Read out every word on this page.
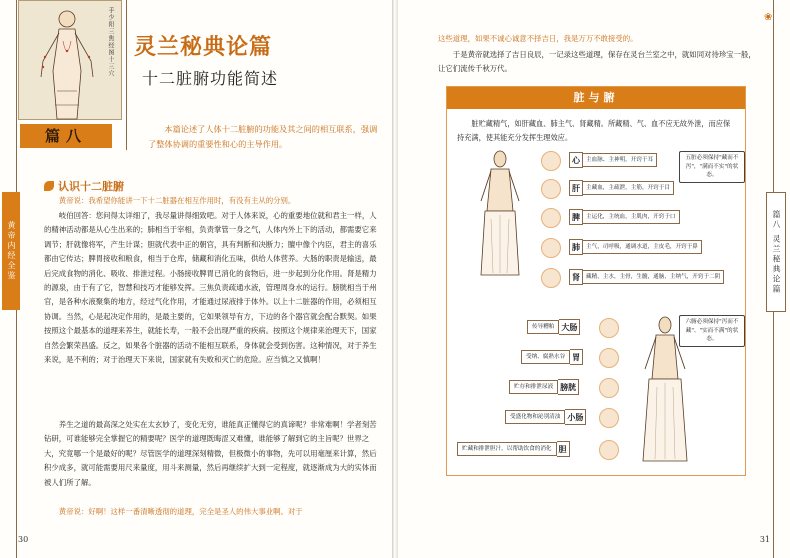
手少阳三焦经图十三穴
篇八
灵兰秘典论篇
十二脏腑功能简述
本篇论述了人体十二脏腑的功能及其之间的相互联系，强调了整体协调的重要性和心的主导作用。
认识十二脏腑

黄帝说：我希望你能讲一下十二脏器在相互作用时，有没有主从的分别。

岐伯回答：您问得太详细了，我尽量讲得细致吧。对于人体来说，心的重要地位就和君主一样，人的精神活动都是从心生出来的；肺相当于宰相，负责掌管一身之气，人体内外上下的活动，都需要它来调节；肝就像将军，产生计谋；胆就代表中正的朝官，具有判断和决断力；膻中像个内臣，君主的喜乐都由它传达；脾胃接收和粮食，相当于仓库，储藏和消化五味，供给人体营养。大肠的职责是输送，最后完成食物的消化、吸收、排泄过程。小肠接收脾胃已消化的食物后，进一步起到分化作用。肾是精力的源泉，由于有了它，智慧和技巧才能够发挥。三焦负责疏通水液，管理周身水的运行。膀胱相当于州官，是各种水液聚集的地方，经过气化作用，才能通过尿液排于体外。以上十二脏器的作用，必须相互协调。当然，心是起决定作用的，是最主要的，它如果领导有方，下边的各个器官就会配合默契。如果按照这个最基本的道理来养生，就能长寿，一般不会出现严重的疾病。按照这个规律来治理天下，国家自然会繁荣昌盛。反之，如果各个脏器的活动不能相互联系，身体就会受到伤害。这种情况，对于养生来说，是不利的；对于治理天下来说，国家就有失败和灭亡的危险。应当慎之又慎啊！

养生之道的最高深之处实在太玄妙了，变化无穷，谁能真正懂得它的真谛呢？非常难啊！学者刻苦钻研，可谁能够完全掌握它的精要呢？医学的道理既晦涩又难懂，谁能够了解到它的主旨呢？世界之大，究竟哪一个是最好的呢？尽管医学的道理深刻精微，但极微小的事物，先可以用毫厘来计算，然后积少成多，就可能需要用尺来量度，用斗来测量，然后再继续扩大到一定程度，就逐渐成为大的实体而被人们所了解。

黄帝说：好啊！这样一番清晰透彻的道理，完全是圣人的伟大事业啊。对于

黄帝内经全鉴
30
❀

这些道理，如果不诚心诚意不择吉日，我是万万不敢接受的。

于是黄帝就选择了吉日良辰，一记录这些道理，保存在灵台兰室之中，就如同对待珍宝一般，让它们流传千秋万代。

脏与腑
脏贮藏精气，如肝藏血、肺主气、肾藏精。所藏精、气、血不应无故外泄，而应保持充满，使其能充分发挥生理效应。
心	主血脉、主神明，开窍于耳
肝	主藏血，主疏泄，主筋，开窍于目
脾	主运化，主统血，主肌肉，开窍于口
肺	主气，司呼吸，通调水道，主皮毛，开窍于鼻
肾	藏精，主水，主骨，生髓，通脑，主纳气，开窍于二阴
五脏必须保持"藏而不泻"，"满而不实"的状态。
传导糟粕 大肠
受纳、腐熟水谷 胃
贮存和排泄尿液 膀胱
受盛化物和泌别清浊 小肠
贮藏和排泄胆汁，以帮助饮食的消化 胆
六腑必须保持"泻而不藏"、"实而不满"的状态。
篇八 灵兰秘典论篇
31
